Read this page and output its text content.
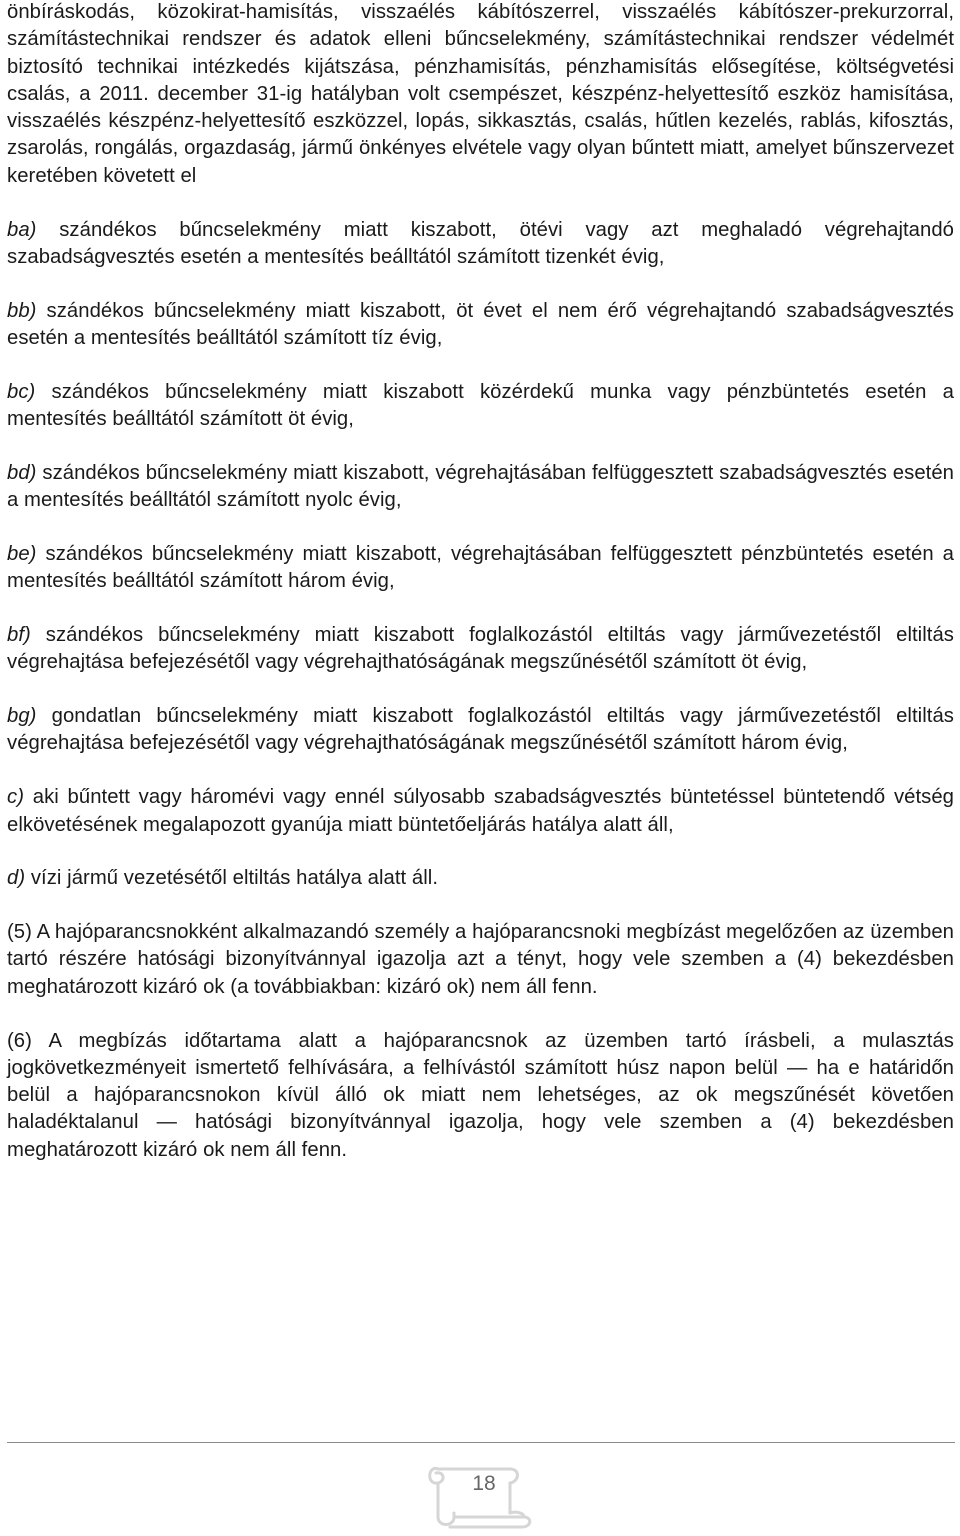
önbíráskodás, közokirat-hamisítás, visszaélés kábítószerrel, visszaélés kábítószer-prekurzorral, számítástechnikai rendszer és adatok elleni bűncselekmény, számítástechnikai rendszer védelmét biztosító technikai intézkedés kijátszása, pénzhamisítás, pénzhamisítás elősegítése, költségvetési csalás, a 2011. december 31-ig hatályban volt csempészet, készpénz-helyettesítő eszköz hamisítása, visszaélés készpénz-helyettesítő eszközzel, lopás, sikkasztás, csalás, hűtlen kezelés, rablás, kifosztás, zsarolás, rongálás, orgazdaság, jármű önkényes elvétele vagy olyan bűntett miatt, amelyet bűnszervezet keretében követett el

ba) szándékos bűncselekmény miatt kiszabott, ötévi vagy azt meghaladó végrehajtandó szabadságvesztés esetén a mentesítés beálltától számított tizenkét évig,

bb) szándékos bűncselekmény miatt kiszabott, öt évet el nem érő végrehajtandó szabadságvesztés esetén a mentesítés beálltától számított tíz évig,

bc) szándékos bűncselekmény miatt kiszabott közérdekű munka vagy pénzbüntetés esetén a mentesítés beálltától számított öt évig,

bd) szándékos bűncselekmény miatt kiszabott, végrehajtásában felfüggesztett szabadságvesztés esetén a mentesítés beálltától számított nyolc évig,

be) szándékos bűncselekmény miatt kiszabott, végrehajtásában felfüggesztett pénzbüntetés esetén a mentesítés beálltától számított három évig,

bf) szándékos bűncselekmény miatt kiszabott foglalkozástól eltiltás vagy járművezetéstől eltiltás végrehajtása befejezésétől vagy végrehajthatóságának megszűnésétől számított öt évig,

bg) gondatlan bűncselekmény miatt kiszabott foglalkozástól eltiltás vagy járművezetéstől eltiltás végrehajtása befejezésétől vagy végrehajthatóságának megszűnésétől számított három évig,

c) aki bűntett vagy háromévi vagy ennél súlyosabb szabadságvesztés büntetéssel büntetendő vétség elkövetésének megalapozott gyanúja miatt büntetőeljárás hatálya alatt áll,

d) vízi jármű vezetésétől eltiltás hatálya alatt áll.

(5) A hajóparancsnokként alkalmazandó személy a hajóparancsnoki megbízást megelőzően az üzemben tartó részére hatósági bizonyítvánnyal igazolja azt a tényt, hogy vele szemben a (4) bekezdésben meghatározott kizáró ok (a továbbiakban: kizáró ok) nem áll fenn.

(6) A megbízás időtartama alatt a hajóparancsnok az üzemben tartó írásbeli, a mulasztás jogkövetkezményeit ismertető felhívására, a felhívástól számított húsz napon belül — ha e határidőn belül a hajóparancsnokon kívül álló ok miatt nem lehetséges, az ok megszűnését követően haladéktalanul — hatósági bizonyítvánnyal igazolja, hogy vele szemben a (4) bekezdésben meghatározott kizáró ok nem áll fenn.

18
